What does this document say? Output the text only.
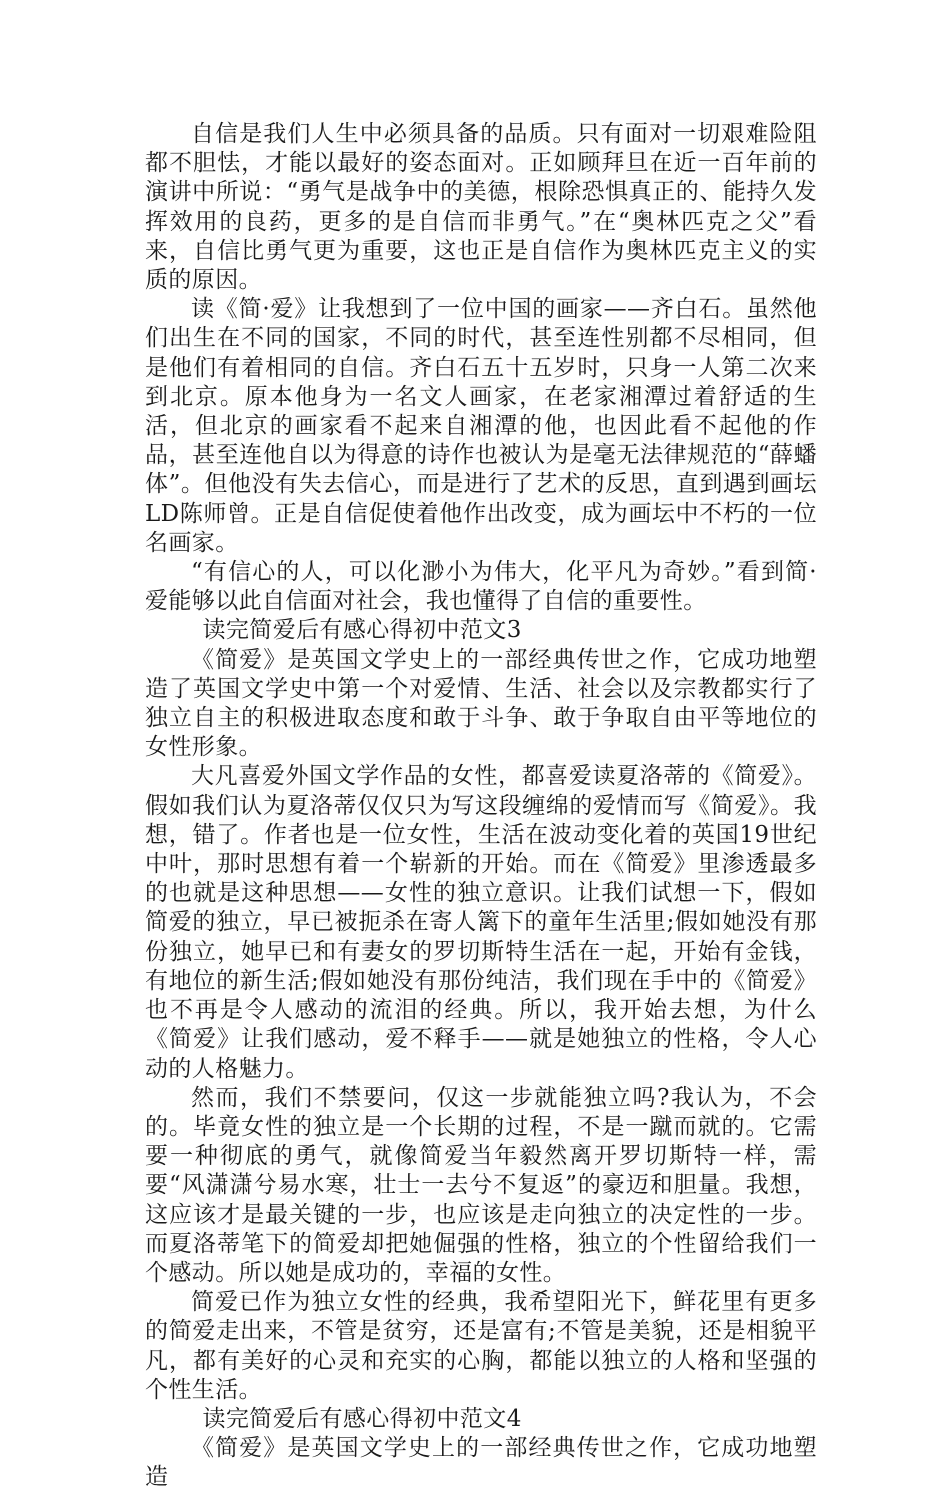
自信是我们人生中必须具备的品质。只有面对一切艰难险阻都不胆怯，才能以最好的姿态面对。正如顾拜旦在近一百年前的演讲中所说：“勇气是战争中的美德，根除恐惧真正的、能持久发挥效用的良药，更多的是自信而非勇气。”在“奥林匹克之父”看来，自信比勇气更为重要，这也正是自信作为奥林匹克主义的实质的原因。

读《简·爱》让我想到了一位中国的画家——齐白石。虽然他们出生在不同的国家，不同的时代，甚至连性别都不尽相同，但是他们有着相同的自信。齐白石五十五岁时，只身一人第二次来到北京。原本他身为一名文人画家，在老家湘潭过着舒适的生活，但北京的画家看不起来自湘潭的他，也因此看不起他的作品，甚至连他自以为得意的诗作也被认为是毫无法律规范的“薛蟠体”。但他没有失去信心，而是进行了艺术的反思，直到遇到画坛LD陈师曾。正是自信促使着他作出改变，成为画坛中不朽的一位名画家。

“有信心的人，可以化渺小为伟大，化平凡为奇妙。”看到简·爱能够以此自信面对社会，我也懂得了自信的重要性。

读完简爱后有感心得初中范文3

《简爱》是英国文学史上的一部经典传世之作，它成功地塑造了英国文学史中第一个对爱情、生活、社会以及宗教都实行了独立自主的积极进取态度和敢于斗争、敢于争取自由平等地位的女性形象。

大凡喜爱外国文学作品的女性，都喜爱读夏洛蒂的《简爱》。假如我们认为夏洛蒂仅仅只为写这段缠绵的爱情而写《简爱》。我想，错了。作者也是一位女性，生活在波动变化着的英国19世纪中叶，那时思想有着一个崭新的开始。而在《简爱》里渗透最多的也就是这种思想——女性的独立意识。让我们试想一下，假如简爱的独立，早已被扼杀在寄人篱下的童年生活里;假如她没有那份独立，她早已和有妻女的罗切斯特生活在一起，开始有金钱，有地位的新生活;假如她没有那份纯洁，我们现在手中的《简爱》也不再是令人感动的流泪的经典。所以，我开始去想，为什么《简爱》让我们感动，爱不释手——就是她独立的性格，令人心动的人格魅力。

然而，我们不禁要问，仅这一步就能独立吗?我认为，不会的。毕竟女性的独立是一个长期的过程，不是一蹴而就的。它需要一种彻底的勇气，就像简爱当年毅然离开罗切斯特一样，需要“风潇潇兮易水寒，壮士一去兮不复返”的豪迈和胆量。我想，这应该才是最关键的一步，也应该是走向独立的决定性的一步。而夏洛蒂笔下的简爱却把她倔强的性格，独立的个性留给我们一个感动。所以她是成功的，幸福的女性。

简爱已作为独立女性的经典，我希望阳光下，鲜花里有更多的简爱走出来，不管是贫穷，还是富有;不管是美貌，还是相貌平凡，都有美好的心灵和充实的心胸，都能以独立的人格和坚强的个性生活。

读完简爱后有感心得初中范文4

《简爱》是英国文学史上的一部经典传世之作，它成功地塑造
